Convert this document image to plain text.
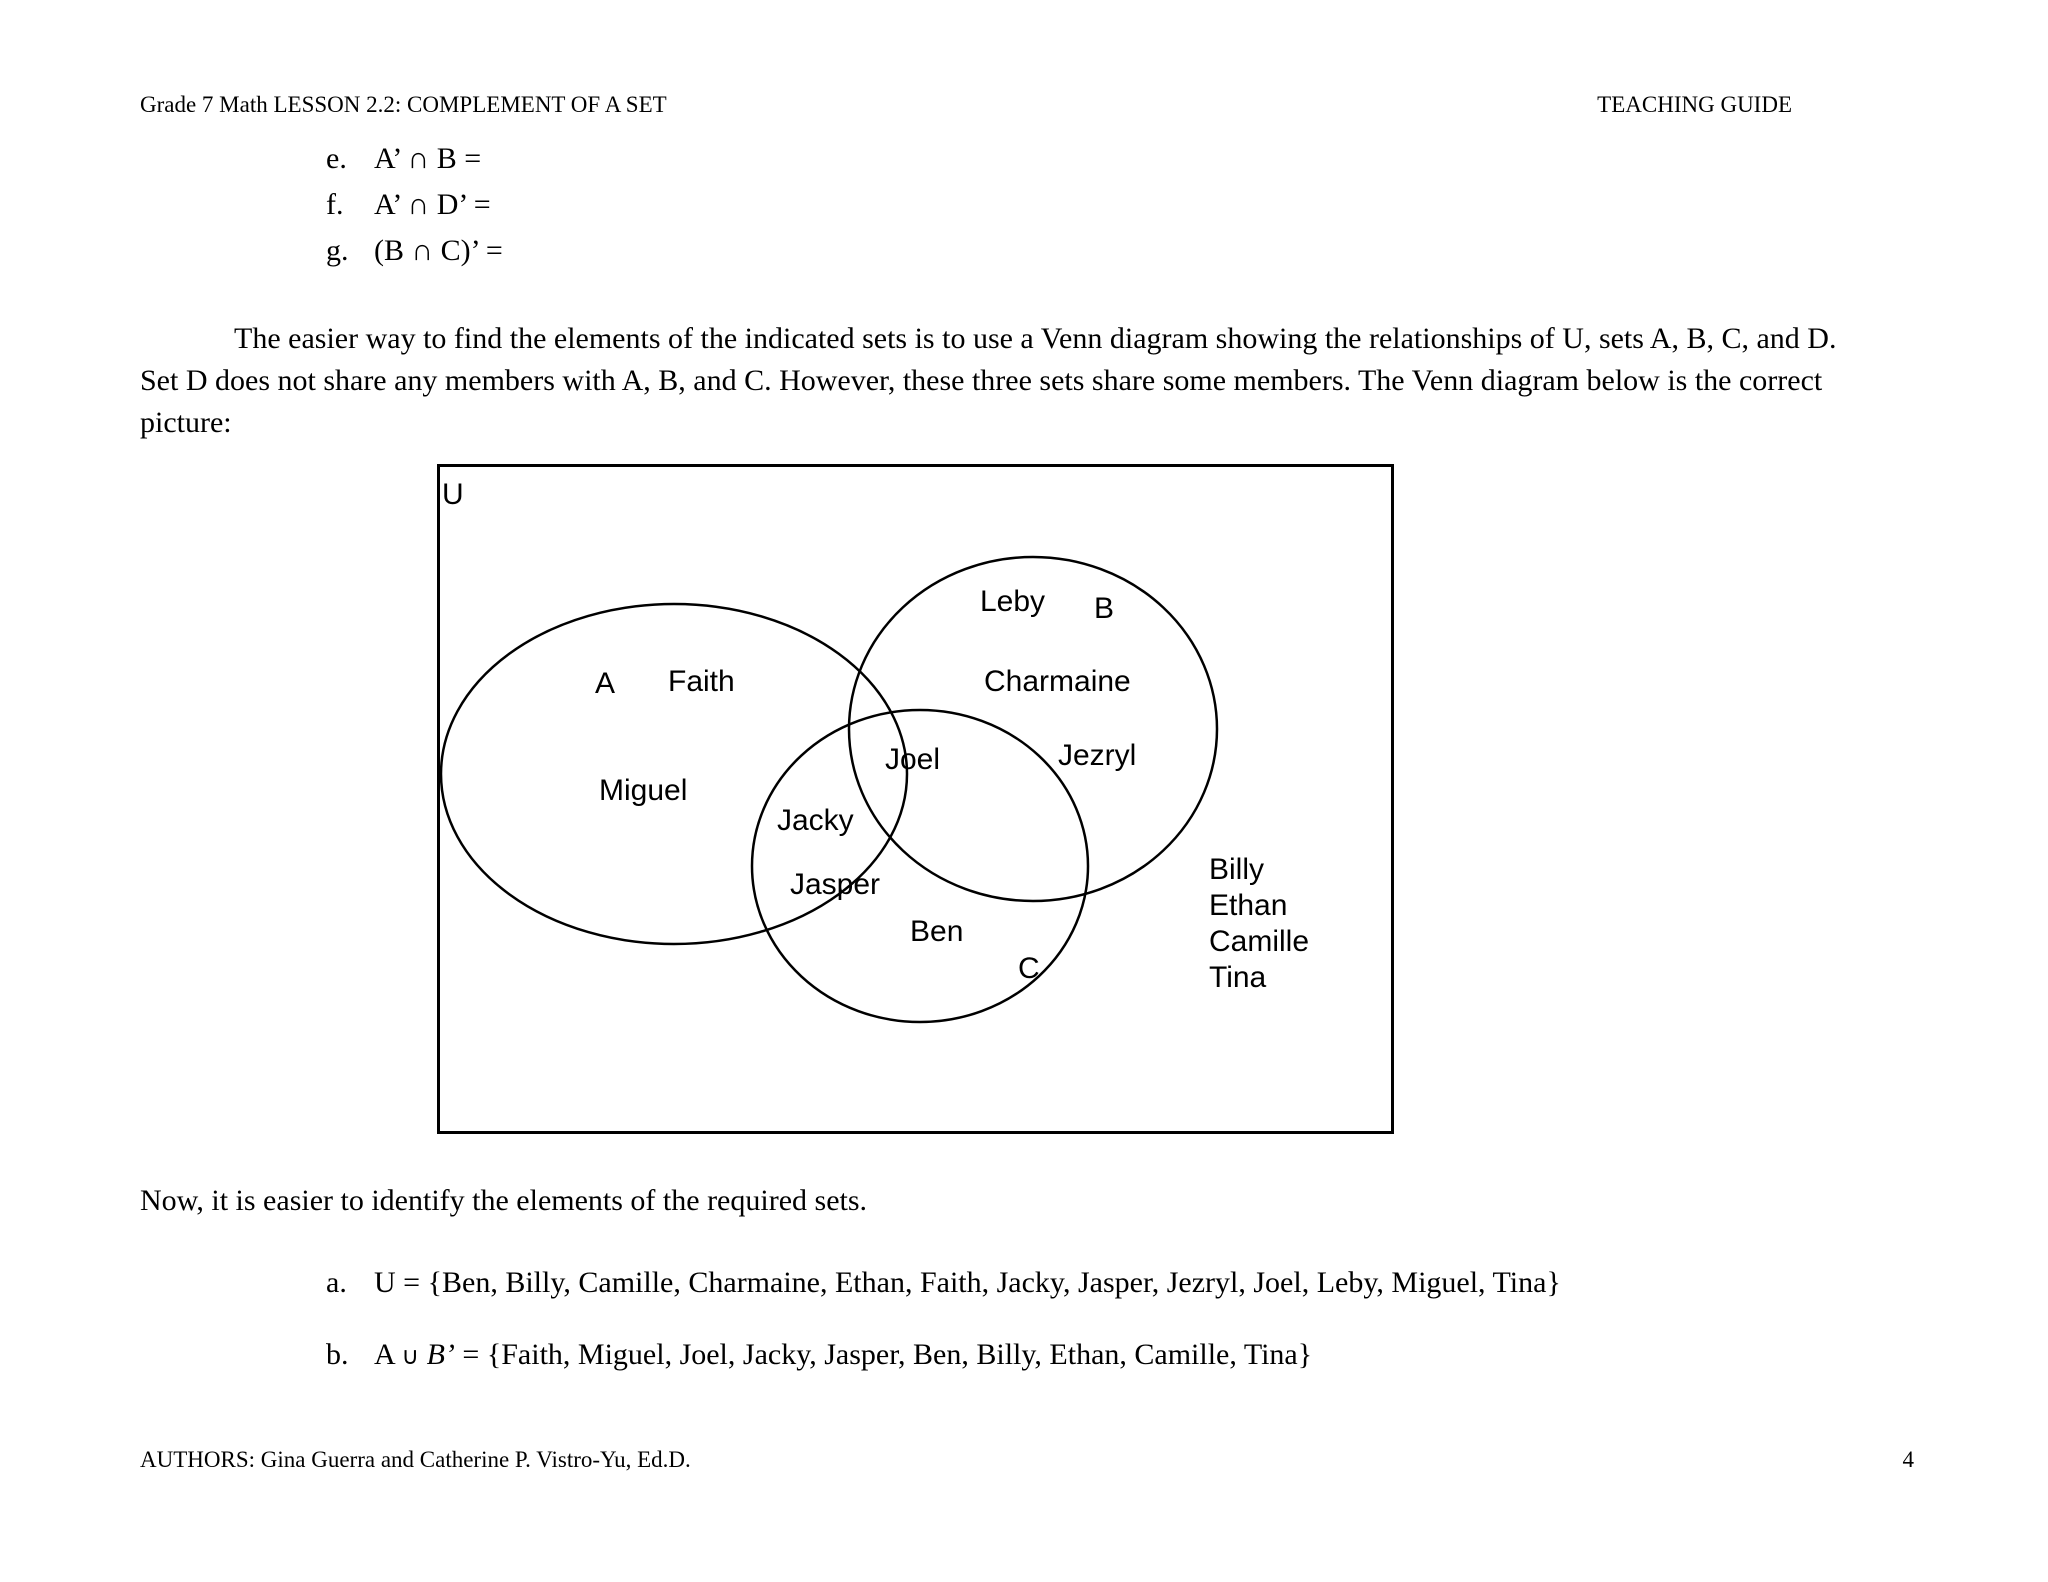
Grade 7 Math LESSON 2.2: COMPLEMENT OF A SET	TEACHING GUIDE
e. A’ ∩ B =
f. A’ ∩ D’ =
g. (B ∩ C)’ =
The easier way to find the elements of the indicated sets is to use a Venn diagram showing the relationships of U, sets A, B, C, and D.
Set D does not share any members with A, B, and C. However, these three sets share some members. The Venn diagram below is the correct
picture:
U
A
B
C
Faith
Miguel
Leby
Charmaine
Jezryl
Joel
Jacky
Jasper
Ben
Billy
Ethan
Camille
Tina
Now, it is easier to identify the elements of the required sets.
a. U = {Ben, Billy, Camille, Charmaine, Ethan, Faith, Jacky, Jasper, Jezryl, Joel, Leby, Miguel, Tina}
b. A ∪ B’ = {Faith, Miguel, Joel, Jacky, Jasper, Ben, Billy, Ethan, Camille, Tina}
AUTHORS: Gina Guerra and Catherine P. Vistro-Yu, Ed.D.	4
